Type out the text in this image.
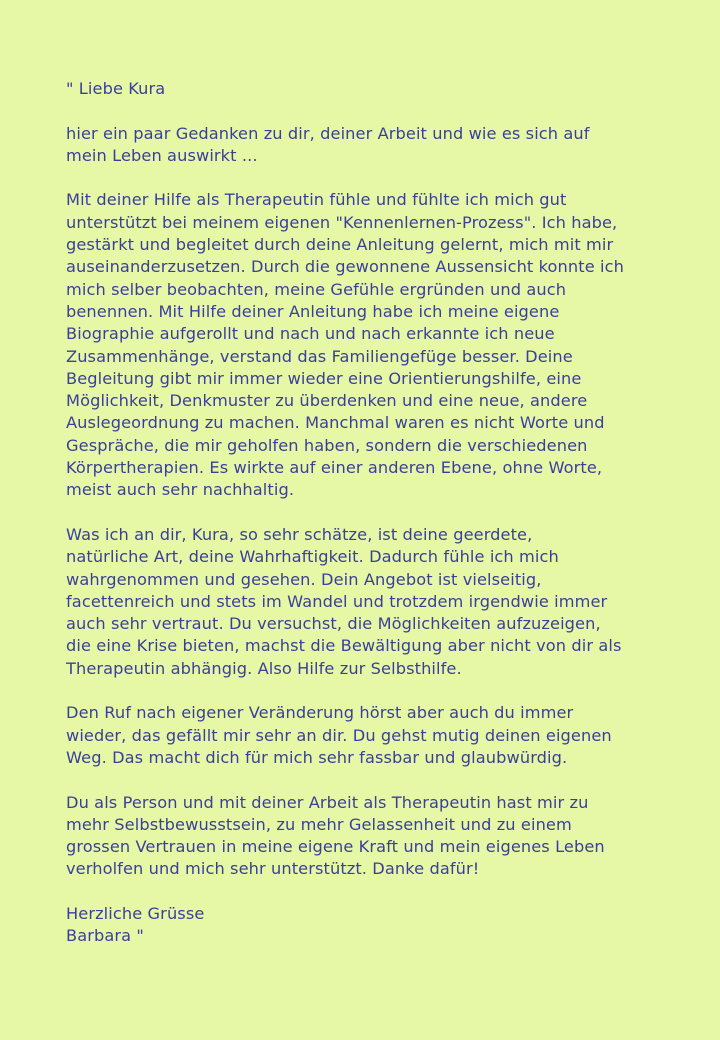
" Liebe Kura
hier ein paar Gedanken zu dir, deiner Arbeit und wie es sich auf
mein Leben auswirkt ...
Mit deiner Hilfe als Therapeutin fühle und fühlte ich mich gut
unterstützt bei meinem eigenen "Kennenlernen-Prozess". Ich habe,
gestärkt und begleitet durch deine Anleitung gelernt, mich mit mir
auseinanderzusetzen. Durch die gewonnene Aussensicht konnte ich
mich selber beobachten, meine Gefühle ergründen und auch
benennen. Mit Hilfe deiner Anleitung habe ich meine eigene
Biographie aufgerollt und nach und nach erkannte ich neue
Zusammenhänge, verstand das Familiengefüge besser. Deine
Begleitung gibt mir immer wieder eine Orientierungshilfe, eine
Möglichkeit, Denkmuster zu überdenken und eine neue, andere
Auslegeordnung zu machen. Manchmal waren es nicht Worte und
Gespräche, die mir geholfen haben, sondern die verschiedenen
Körpertherapien. Es wirkte auf einer anderen Ebene, ohne Worte,
meist auch sehr nachhaltig.
Was ich an dir, Kura, so sehr schätze, ist deine geerdete,
natürliche Art, deine Wahrhaftigkeit. Dadurch fühle ich mich
wahrgenommen und gesehen. Dein Angebot ist vielseitig,
facettenreich und stets im Wandel und trotzdem irgendwie immer
auch sehr vertraut. Du versuchst, die Möglichkeiten aufzuzeigen,
die eine Krise bieten, machst die Bewältigung aber nicht von dir als
Therapeutin abhängig. Also Hilfe zur Selbsthilfe.
Den Ruf nach eigener Veränderung hörst aber auch du immer
wieder, das gefällt mir sehr an dir. Du gehst mutig deinen eigenen
Weg. Das macht dich für mich sehr fassbar und glaubwürdig.
Du als Person und mit deiner Arbeit als Therapeutin hast mir zu
mehr Selbstbewusstsein, zu mehr Gelassenheit und zu einem
grossen Vertrauen in meine eigene Kraft und mein eigenes Leben
verholfen und mich sehr unterstützt. Danke dafür!
Herzliche Grüsse
Barbara "
